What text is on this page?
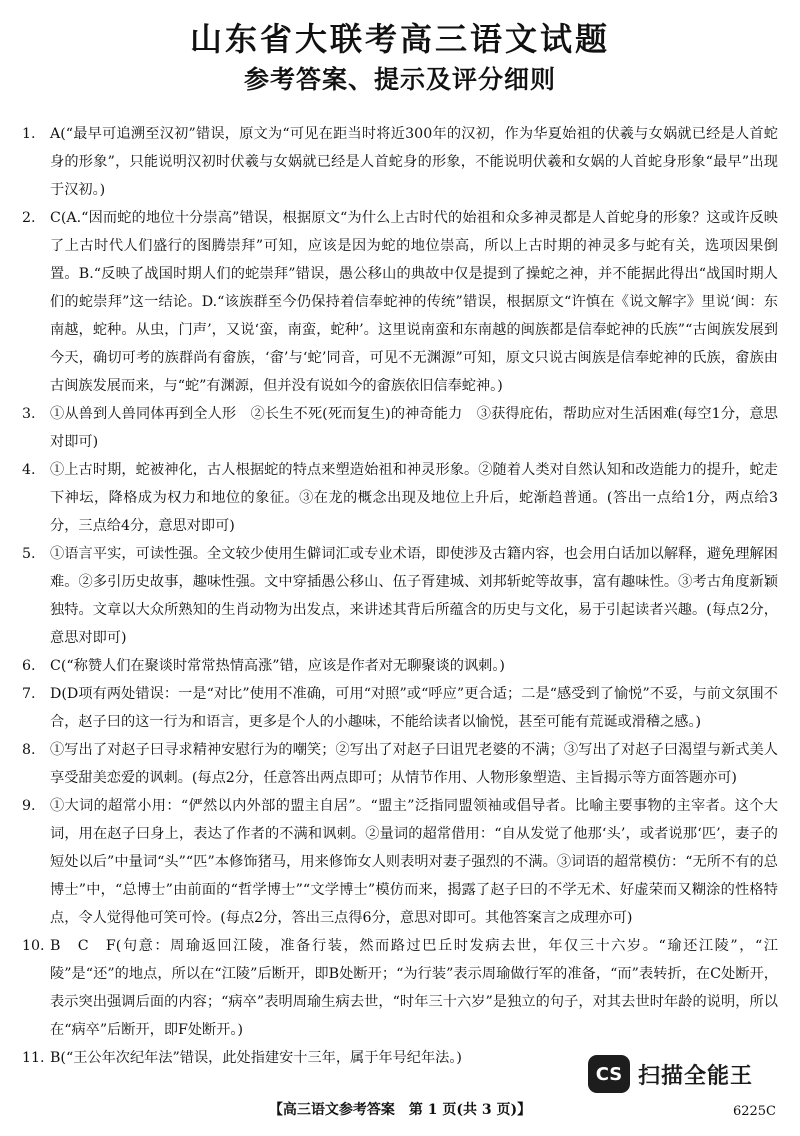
山东省大联考高三语文试题
参考答案、提示及评分细则
1.	A(“最早可追溯至汉初”错误，原文为“可见在距当时将近300年的汉初，作为华夏始祖的伏羲与女娲就已经是人首蛇身的形象”，只能说明汉初时伏羲与女娲就已经是人首蛇身的形象，不能说明伏羲和女娲的人首蛇身形象“最早”出现于汉初。)
2.	C(A.“因而蛇的地位十分崇高”错误，根据原文“为什么上古时代的始祖和众多神灵都是人首蛇身的形象？这或许反映了上古时代人们盛行的图腾崇拜”可知，应该是因为蛇的地位崇高，所以上古时期的神灵多与蛇有关，选项因果倒置。B.“反映了战国时期人们的蛇崇拜”错误，愚公移山的典故中仅是提到了操蛇之神，并不能据此得出“战国时期人们的蛇崇拜”这一结论。D.“该族群至今仍保持着信奉蛇神的传统”错误，根据原文“许慎在《说文解字》里说‘闽：东南越，蛇种。从虫，门声’，又说‘蛮，南蛮，蛇种’。这里说南蛮和东南越的闽族都是信奉蛇神的氏族”“古闽族发展到今天，确切可考的族群尚有畲族，‘畲’与‘蛇’同音，可见不无渊源”可知，原文只说古闽族是信奉蛇神的氏族，畲族由古闽族发展而来，与“蛇”有渊源，但并没有说如今的畲族依旧信奉蛇神。)
3.	①从兽到人兽同体再到全人形　②长生不死(死而复生)的神奇能力　③获得庇佑，帮助应对生活困难(每空1分，意思对即可)
4.	①上古时期，蛇被神化，古人根据蛇的特点来塑造始祖和神灵形象。②随着人类对自然认知和改造能力的提升，蛇走下神坛，降格成为权力和地位的象征。③在龙的概念出现及地位上升后，蛇渐趋普通。(答出一点给1分，两点给3分，三点给4分，意思对即可)
5.	①语言平实，可读性强。全文较少使用生僻词汇或专业术语，即使涉及古籍内容，也会用白话加以解释，避免理解困难。②多引历史故事，趣味性强。文中穿插愚公移山、伍子胥建城、刘邦斩蛇等故事，富有趣味性。③考古角度新颖独特。文章以大众所熟知的生肖动物为出发点，来讲述其背后所蕴含的历史与文化，易于引起读者兴趣。(每点2分，意思对即可)
6.	C(“称赞人们在聚谈时常常热情高涨”错，应该是作者对无聊聚谈的讽刺。)
7.	D(D项有两处错误：一是“对比”使用不准确，可用“对照”或“呼应”更合适；二是“感受到了愉悦”不妥，与前文氛围不合，赵子曰的这一行为和语言，更多是个人的小趣味，不能给读者以愉悦，甚至可能有荒诞或滑稽之感。)
8.	①写出了对赵子曰寻求精神安慰行为的嘲笑；②写出了对赵子曰诅咒老婆的不满；③写出了对赵子曰渴望与新式美人享受甜美恋爱的讽刺。(每点2分，任意答出两点即可；从情节作用、人物形象塑造、主旨揭示等方面答题亦可)
9.	①大词的超常小用：“俨然以内外部的盟主自居”。“盟主”泛指同盟领袖或倡导者。比喻主要事物的主宰者。这个大词，用在赵子曰身上，表达了作者的不满和讽刺。②量词的超常借用：“自从发觉了他那‘头’，或者说那‘匹’，妻子的短处以后”中量词“头”“匹”本修饰猪马，用来修饰女人则表明对妻子强烈的不满。③词语的超常模仿：“无所不有的总博士”中，“总博士”由前面的“哲学博士”“文学博士”模仿而来，揭露了赵子曰的不学无术、好虚荣而又糊涂的性格特点，令人觉得他可笑可怜。(每点2分，答出三点得6分，意思对即可。其他答案言之成理亦可)
10. B　C　F(句意：周瑜返回江陵，准备行装，然而路过巴丘时发病去世，年仅三十六岁。“瑜还江陵”，“江陵”是“还”的地点，所以在“江陵”后断开，即B处断开；“为行装”表示周瑜做行军的准备，“而”表转折，在C处断开，表示突出强调后面的内容；“病卒”表明周瑜生病去世，“时年三十六岁”是独立的句子，对其去世时年龄的说明，所以在“病卒”后断开，即F处断开。)
11. B(“王公年次纪年法”错误，此处指建安十三年，属于年号纪年法。)
CS 扫描全能王
【高三语文参考答案　第 1 页(共 3 页)】	6225C
